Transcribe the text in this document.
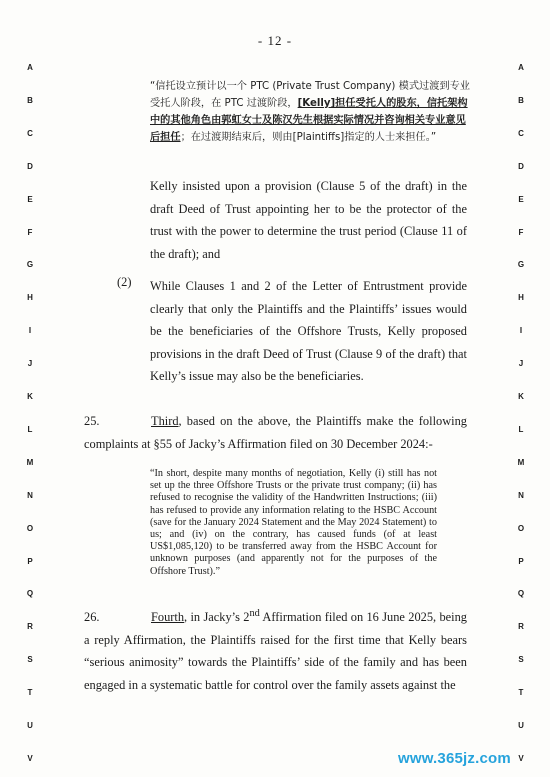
- 12 -
A
B
C
D
E
F
G
H
I
J
K
L
M
N
O
P
Q
R
S
T
U
V
A
B
C
D
E
F
G
H
I
J
K
L
M
N
O
P
Q
R
S
T
U
V
“信托设立预计以一个 PTC (Private Trust Company) 模式过渡到专业受托人阶段，在 PTC 过渡阶段，[Kelly]担任受托人的股东，信托架构中的其他角色由郭虹女士及陈汉先生根据实际情况并咨询相关专业意见后担任；在过渡期结束后，则由[Plaintiffs]指定的人士来担任。”
Kelly insisted upon a provision (Clause 5 of the draft) in the draft Deed of Trust appointing her to be the protector of the trust with the power to determine the trust period (Clause 11 of the draft); and
(2) While Clauses 1 and 2 of the Letter of Entrustment provide clearly that only the Plaintiffs and the Plaintiffs’ issues would be the beneficiaries of the Offshore Trusts, Kelly proposed provisions in the draft Deed of Trust (Clause 9 of the draft) that Kelly’s issue may also be the beneficiaries.
25.	Third, based on the above, the Plaintiffs make the following complaints at §55 of Jacky’s Affirmation filed on 30 December 2024:-
“In short, despite many months of negotiation, Kelly (i) still has not set up the three Offshore Trusts or the private trust company; (ii) has refused to recognise the validity of the Handwritten Instructions; (iii) has refused to provide any information relating to the HSBC Account (save for the January 2024 Statement and the May 2024 Statement) to us; and (iv) on the contrary, has caused funds (of at least US$1,085,120) to be transferred away from the HSBC Account for unknown purposes (and apparently not for the purposes of the Offshore Trust).”
26.	Fourth, in Jacky’s 2nd Affirmation filed on 16 June 2025, being a reply Affirmation, the Plaintiffs raised for the first time that Kelly bears “serious animosity” towards the Plaintiffs’ side of the family and has been engaged in a systematic battle for control over the family assets against the
www.365jz.com
